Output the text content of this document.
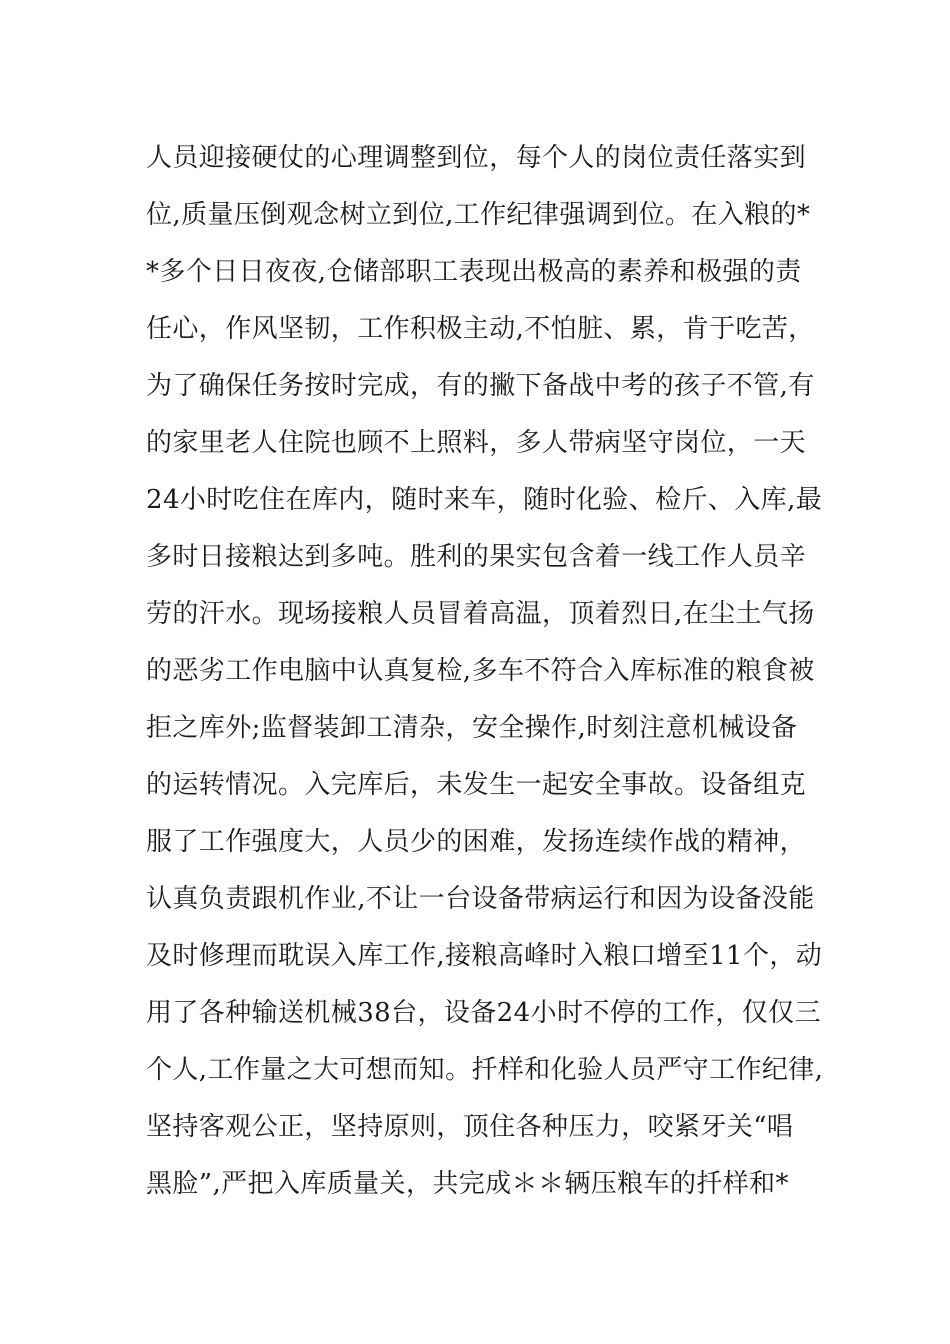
人员迎接硬仗的心理调整到位，每个人的岗位责任落实到
位,质量压倒观念树立到位,工作纪律强调到位。在入粮的*
*多个日日夜夜,仓储部职工表现出极高的素养和极强的责
任心，作风坚韧，工作积极主动,不怕脏、累，肯于吃苦，
为了确保任务按时完成，有的撇下备战中考的孩子不管,有
的家里老人住院也顾不上照料，多人带病坚守岗位，一天
24小时吃住在库内，随时来车，随时化验、检斤、入库,最
多时日接粮达到多吨。胜利的果实包含着一线工作人员辛
劳的汗水。现场接粮人员冒着高温，顶着烈日,在尘土气扬
的恶劣工作电脑中认真复检,多车不符合入库标准的粮食被
拒之库外;监督装卸工清杂，安全操作,时刻注意机械设备
的运转情况。入完库后，未发生一起安全事故。设备组克
服了工作强度大，人员少的困难，发扬连续作战的精神，
认真负责跟机作业,不让一台设备带病运行和因为设备没能
及时修理而耽误入库工作,接粮高峰时入粮口增至11个，动
用了各种输送机械38台，设备24小时不停的工作，仅仅三
个人,工作量之大可想而知。扦样和化验人员严守工作纪律,
坚持客观公正，坚持原则，顶住各种压力，咬紧牙关“唱
黑脸”,严把入库质量关，共完成＊＊辆压粮车的扦样和*
